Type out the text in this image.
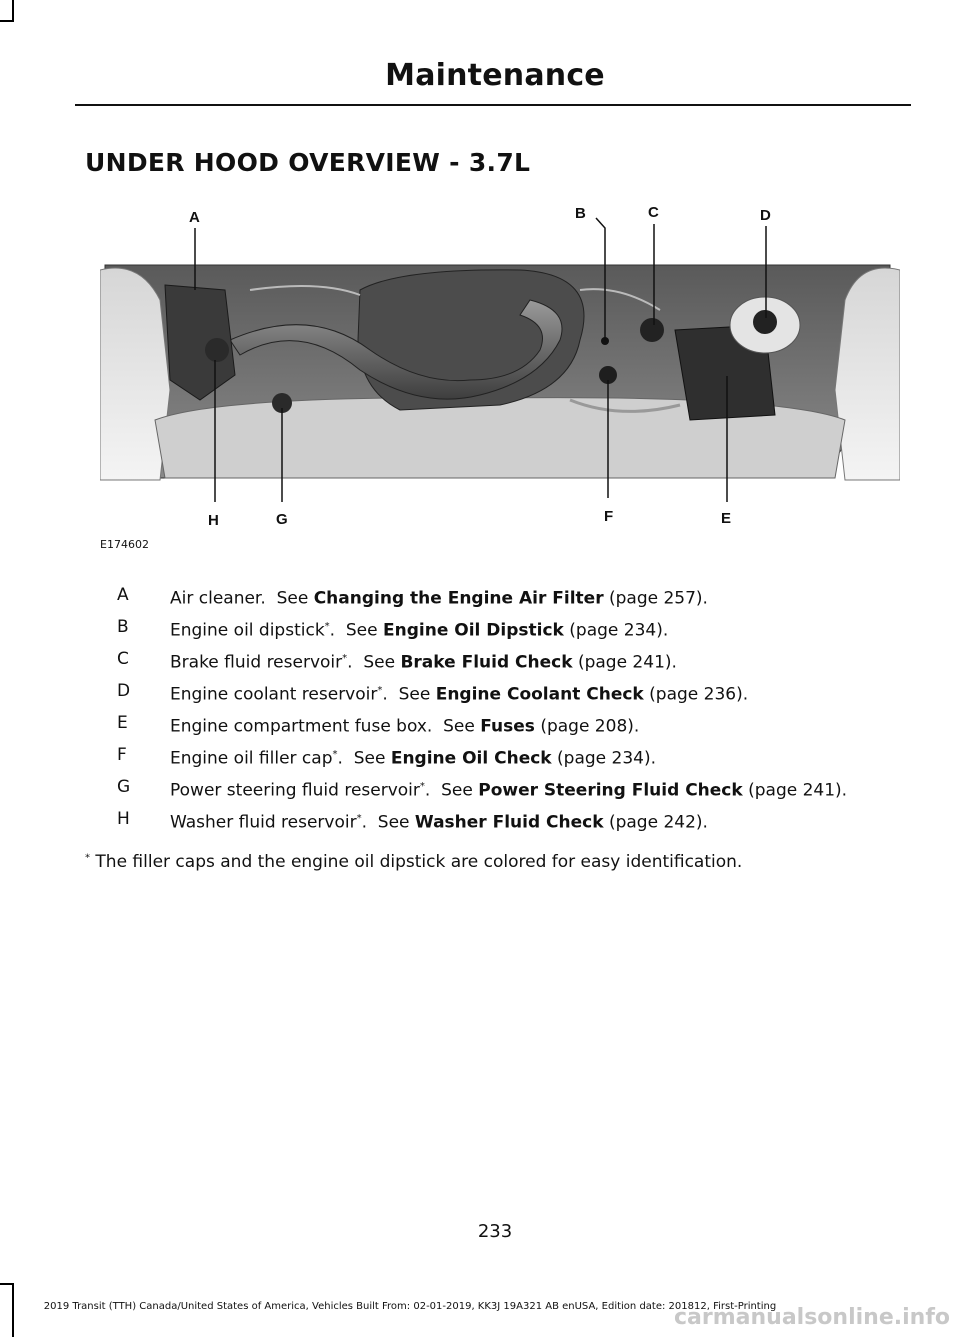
Maintenance
UNDER HOOD OVERVIEW - 3.7L
A	B	C	D
E
F
G
H
E174602
A	Air cleaner. See Changing the Engine Air Filter (page 257).
B	Engine oil dipstick*.  See Engine Oil Dipstick (page 234).
C	Brake fluid reservoir*.  See Brake Fluid Check (page 241).
D	Engine coolant reservoir*.  See Engine Coolant Check (page 236).
E	Engine compartment fuse box. See Fuses (page 208).
F	Engine oil filler cap*.  See Engine Oil Check (page 234).
G	Power steering fluid reservoir*.  See Power Steering Fluid Check (page 241).
H	Washer fluid reservoir*.  See Washer Fluid Check (page 242).
* The filler caps and the engine oil dipstick are colored for easy identification.
233
2019 Transit (TTH) Canada/United States of America, Vehicles Built From: 02-01-2019, KK3J 19A321 AB enUSA, Edition date: 201812, First-Printing
carmanualsonline.info
